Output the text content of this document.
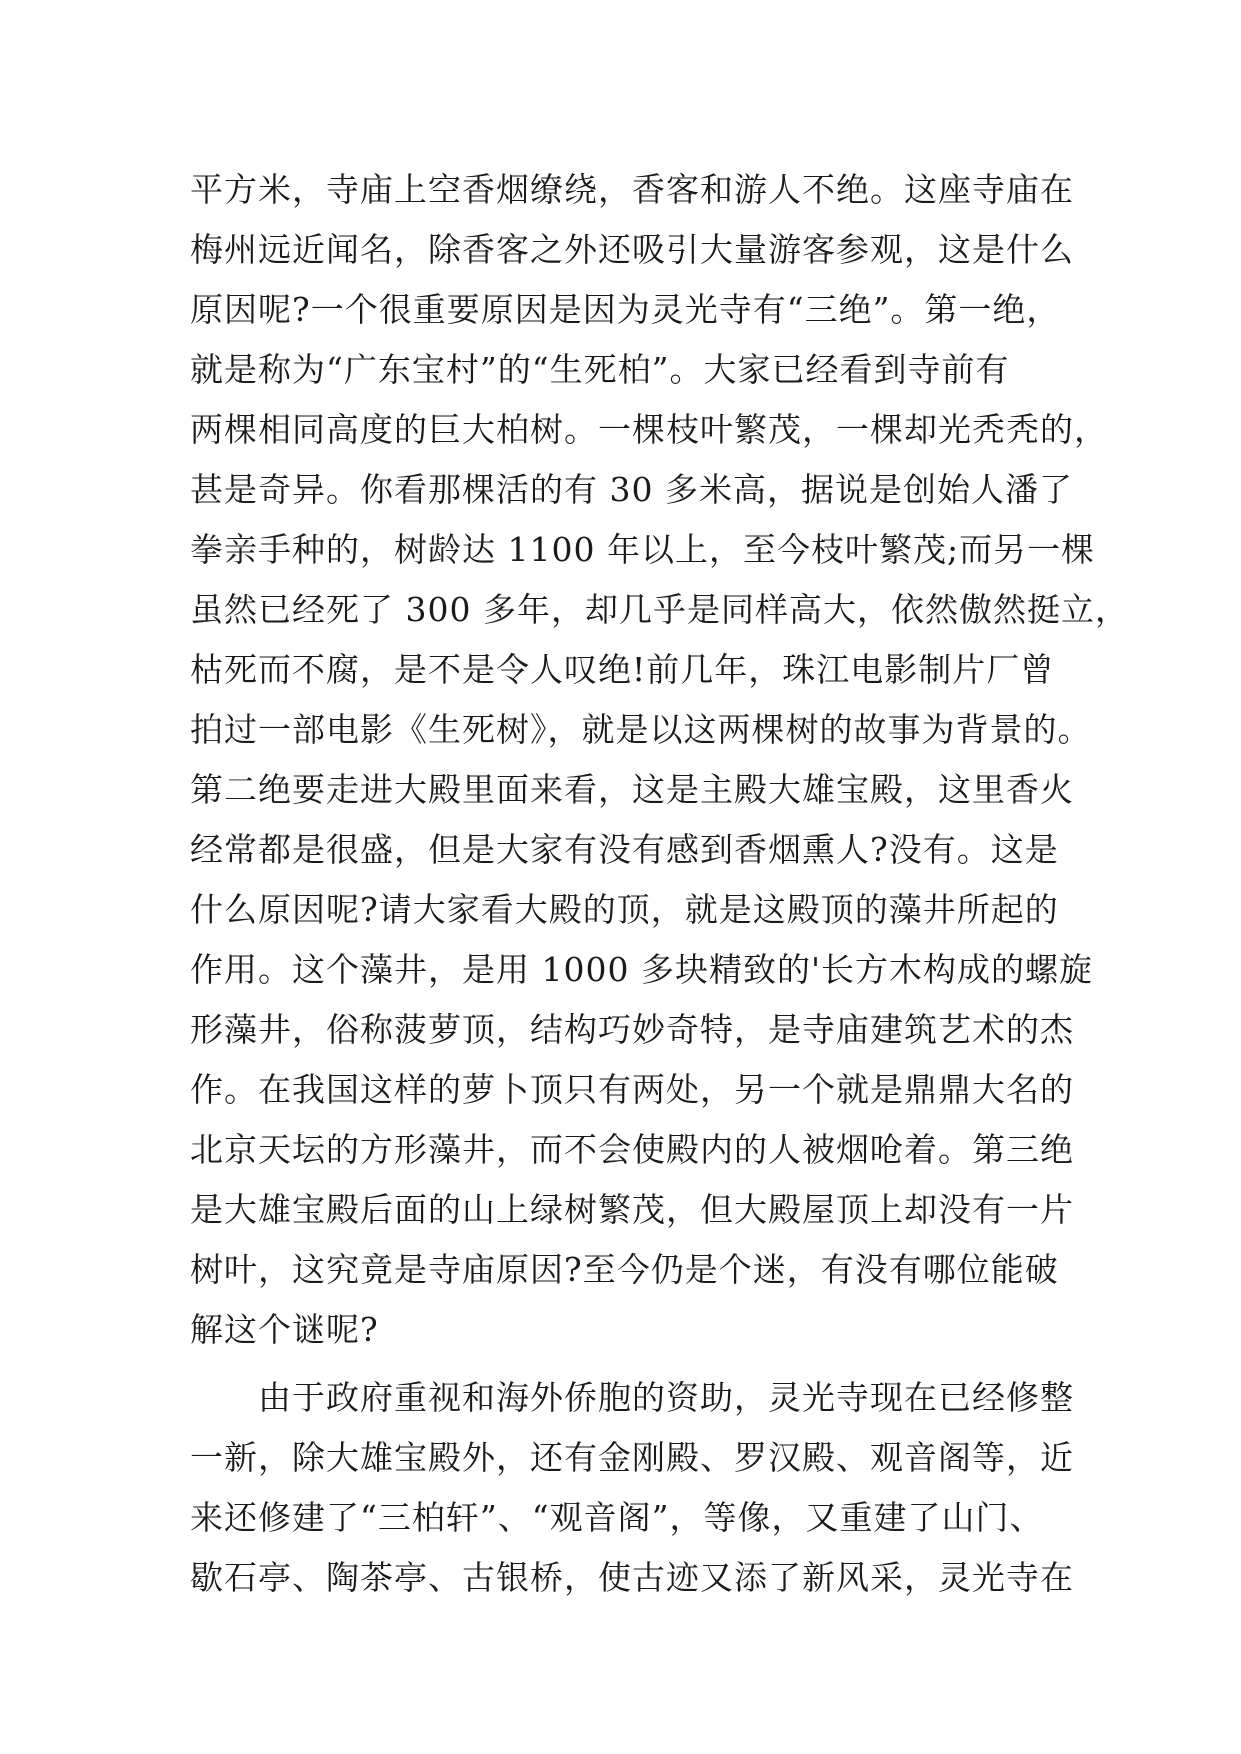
平方米，寺庙上空香烟缭绕，香客和游人不绝。这座寺庙在
梅州远近闻名，除香客之外还吸引大量游客参观，这是什么
原因呢?一个很重要原因是因为灵光寺有“三绝”。第一绝，
就是称为“广东宝村”的“生死柏”。大家已经看到寺前有
两棵相同高度的巨大柏树。一棵枝叶繁茂，一棵却光秃秃的，
甚是奇异。你看那棵活的有 30 多米高，据说是创始人潘了
拳亲手种的，树龄达 1100 年以上，至今枝叶繁茂;而另一棵
虽然已经死了 300 多年，却几乎是同样高大，依然傲然挺立，
枯死而不腐，是不是令人叹绝!前几年，珠江电影制片厂曾
拍过一部电影《生死树》，就是以这两棵树的故事为背景的。
第二绝要走进大殿里面来看，这是主殿大雄宝殿，这里香火
经常都是很盛，但是大家有没有感到香烟熏人?没有。这是
什么原因呢?请大家看大殿的顶，就是这殿顶的藻井所起的
作用。这个藻井，是用 1000 多块精致的'长方木构成的螺旋
形藻井，俗称菠萝顶，结构巧妙奇特，是寺庙建筑艺术的杰
作。在我国这样的萝卜顶只有两处，另一个就是鼎鼎大名的
北京天坛的方形藻井，而不会使殿内的人被烟呛着。第三绝
是大雄宝殿后面的山上绿树繁茂，但大殿屋顶上却没有一片
树叶，这究竟是寺庙原因?至今仍是个迷，有没有哪位能破
解这个谜呢?
由于政府重视和海外侨胞的资助，灵光寺现在已经修整
一新，除大雄宝殿外，还有金刚殿、罗汉殿、观音阁等，近
来还修建了“三柏轩”、“观音阁”，等像，又重建了山门、
歇石亭、陶茶亭、古银桥，使古迹又添了新风采，灵光寺在
